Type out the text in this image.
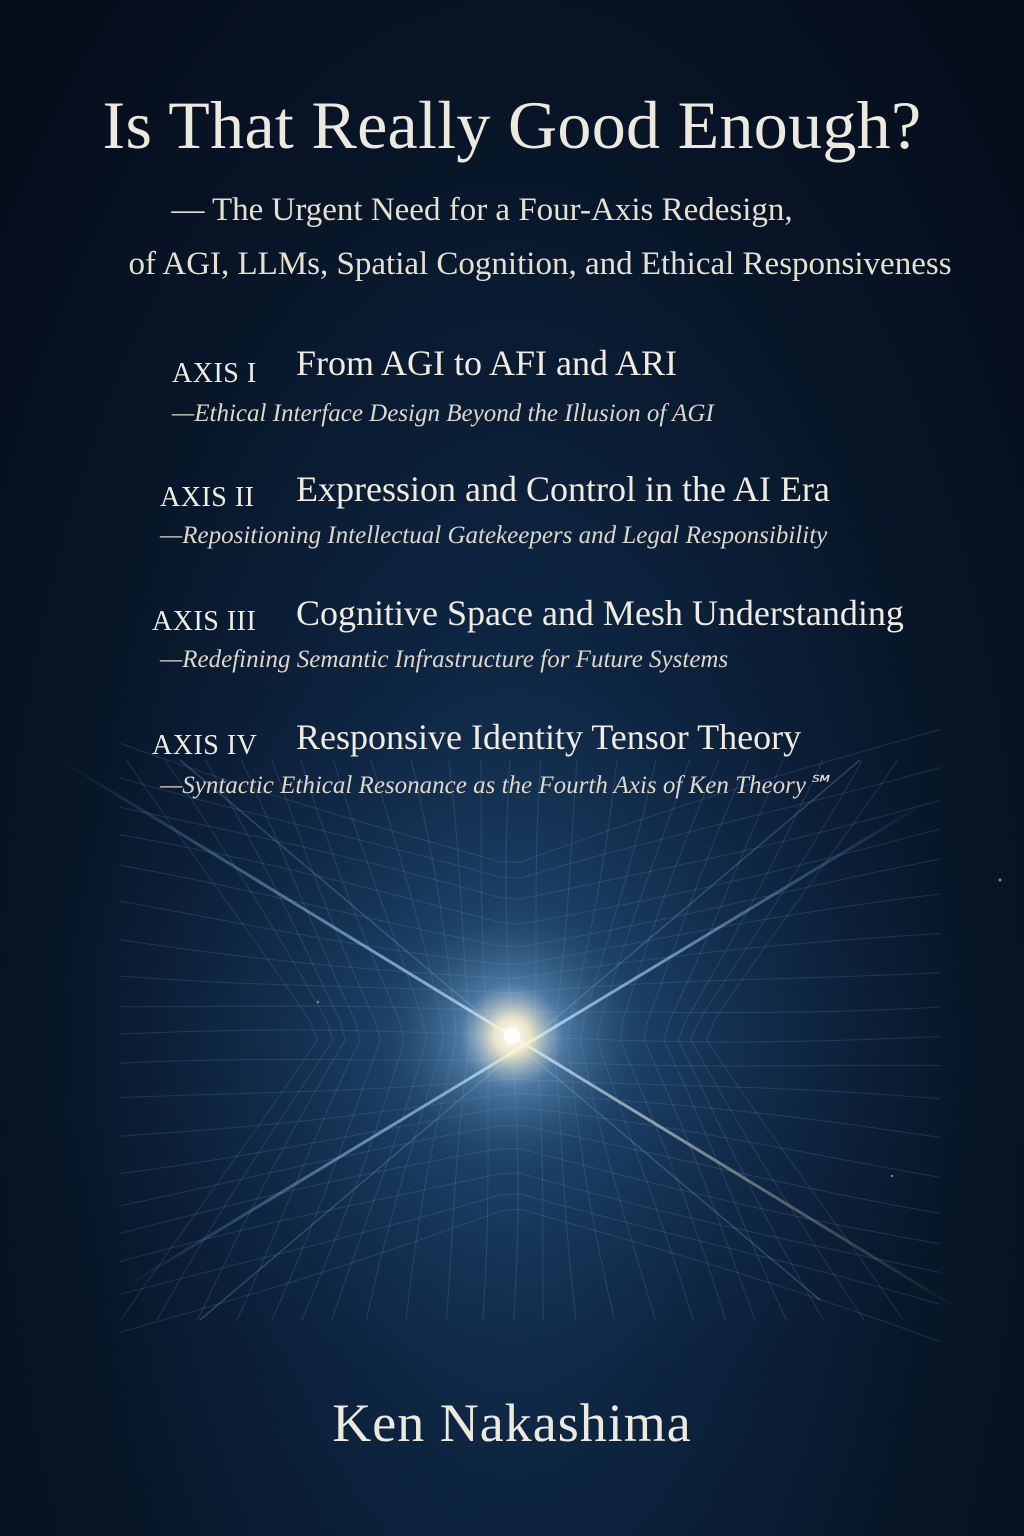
Is That Really Good Enough?

— The Urgent Need for a Four-Axis Redesign,

of AGI, LLMs, Spatial Cognition, and Ethical Responsiveness

AXIS I From AGI to AFI and ARI
—Ethical Interface Design Beyond the Illusion of AGI
AXIS II Expression and Control in the AI Era
—Repositioning Intellectual Gatekeepers and Legal Responsibility
AXIS III Cognitive Space and Mesh Understanding
—Redefining Semantic Infrastructure for Future Systems
AXIS IV Responsive Identity Tensor Theory
—Syntactic Ethical Resonance as the Fourth Axis of Ken Theory℠
Ken Nakashima
